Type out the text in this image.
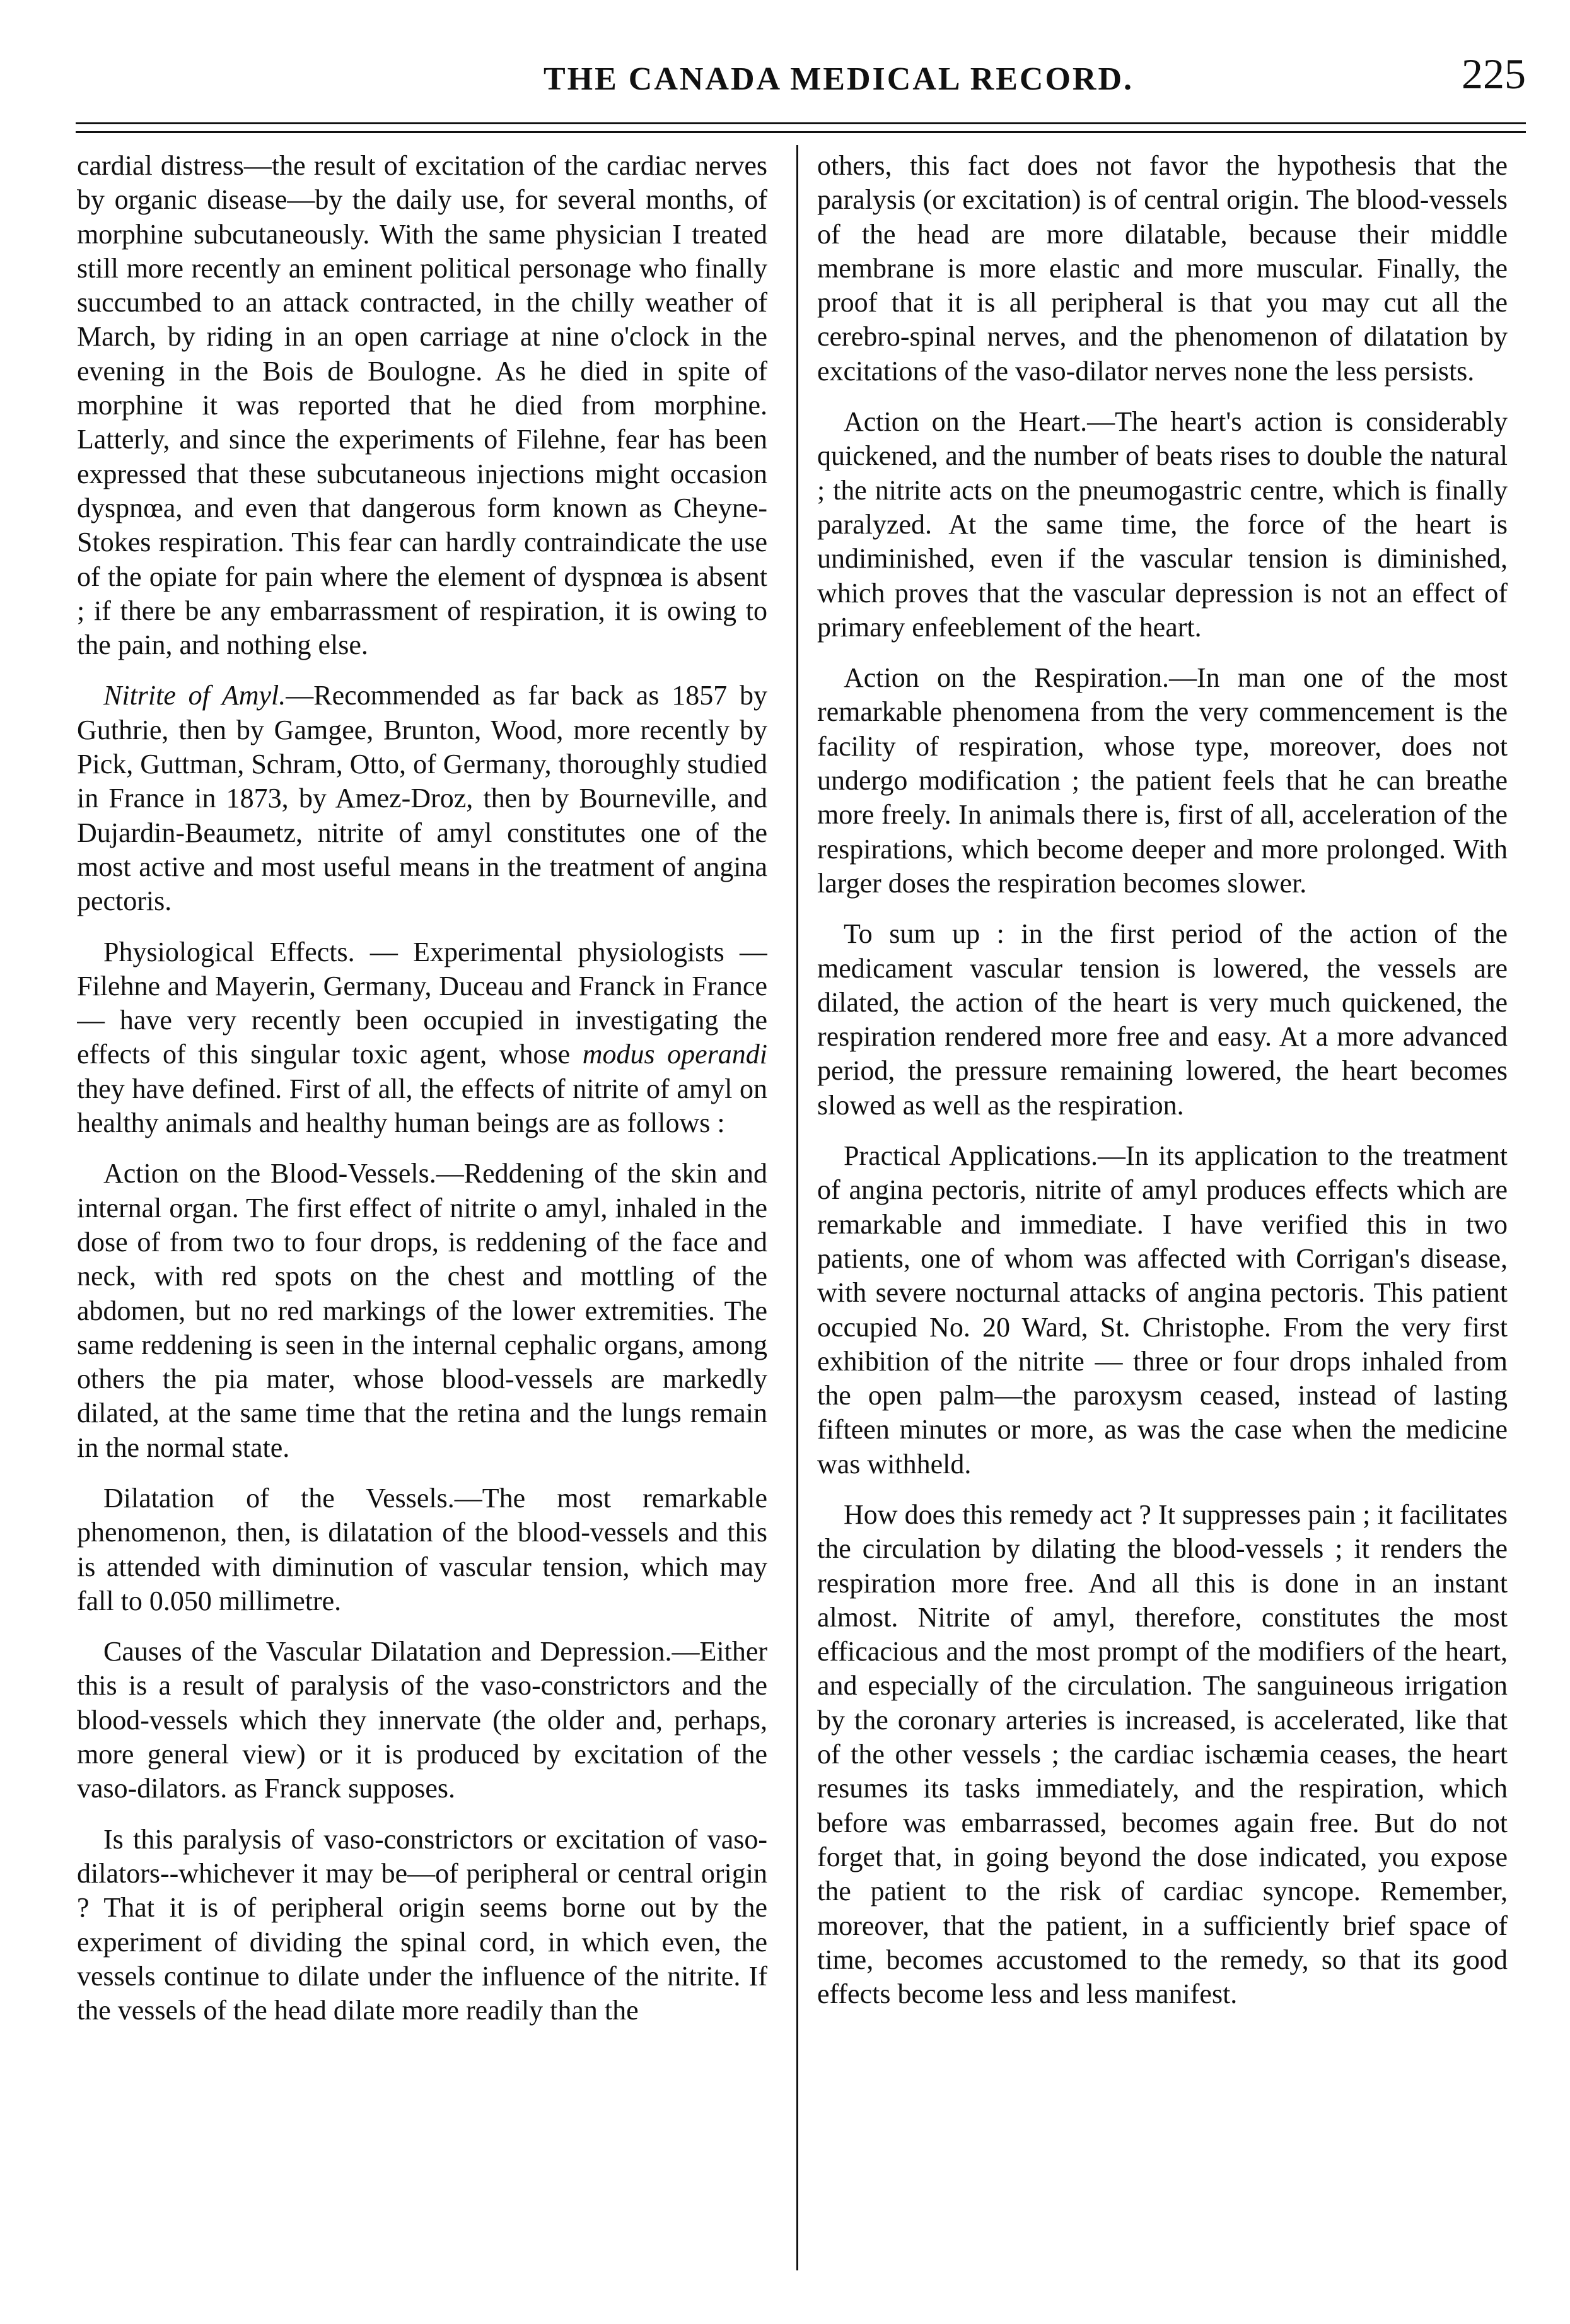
THE CANADA MEDICAL RECORD.	225

cardial distress—the result of excitation of the cardiac nerves by organic disease—by the daily use, for several months, of morphine subcutaneously. With the same physician I treated still more recently an eminent political personage who finally succumbed to an attack contracted, in the chilly weather of March, by riding in an open carriage at nine o'clock in the evening in the Bois de Boulogne. As he died in spite of morphine it was reported that he died from morphine. Latterly, and since the experiments of Filehne, fear has been expressed that these subcutaneous injections might occasion dyspnœa, and even that dangerous form known as Cheyne-Stokes respiration. This fear can hardly contraindicate the use of the opiate for pain where the element of dyspnœa is absent ; if there be any embarrassment of respiration, it is owing to the pain, and nothing else.

Nitrite of Amyl.—Recommended as far back as 1857 by Guthrie, then by Gamgee, Brunton, Wood, more recently by Pick, Guttman, Schram, Otto, of Germany, thoroughly studied in France in 1873, by Amez-Droz, then by Bourneville, and Dujardin-Beaumetz, nitrite of amyl constitutes one of the most active and most useful means in the treatment of angina pectoris.

Physiological Effects. — Experimental physiologists — Filehne and Mayerin, Germany, Duceau and Franck in France— have very recently been occupied in investigating the effects of this singular toxic agent, whose modus operandi they have defined. First of all, the effects of nitrite of amyl on healthy animals and healthy human beings are as follows :

Action on the Blood-Vessels.—Reddening of the skin and internal organ. The first effect of nitrite o amyl, inhaled in the dose of from two to four drops, is reddening of the face and neck, with red spots on the chest and mottling of the abdomen, but no red markings of the lower extremities. The same reddening is seen in the internal cephalic organs, among others the pia mater, whose blood-vessels are markedly dilated, at the same time that the retina and the lungs remain in the normal state.

Dilatation of the Vessels.—The most remarkable phenomenon, then, is dilatation of the blood-vessels and this is attended with diminution of vascular tension, which may fall to 0.050 millimetre.

Causes of the Vascular Dilatation and Depression.—Either this is a result of paralysis of the vaso-constrictors and the blood-vessels which they innervate (the older and, perhaps, more general view) or it is produced by excitation of the vaso-dilators. as Franck supposes.

Is this paralysis of vaso-constrictors or excitation of vaso-dilators--whichever it may be—of peripheral or central origin ? That it is of peripheral origin seems borne out by the experiment of dividing the spinal cord, in which even, the vessels continue to dilate under the influence of the nitrite. If the vessels of the head dilate more readily than the

others, this fact does not favor the hypothesis that the paralysis (or excitation) is of central origin. The blood-vessels of the head are more dilatable, because their middle membrane is more elastic and more muscular. Finally, the proof that it is all peripheral is that you may cut all the cerebro-spinal nerves, and the phenomenon of dilatation by excitations of the vaso-dilator nerves none the less persists.

Action on the Heart.—The heart's action is considerably quickened, and the number of beats rises to double the natural ; the nitrite acts on the pneumogastric centre, which is finally paralyzed. At the same time, the force of the heart is undiminished, even if the vascular tension is diminished, which proves that the vascular depression is not an effect of primary enfeeblement of the heart.

Action on the Respiration.—In man one of the most remarkable phenomena from the very commencement is the facility of respiration, whose type, moreover, does not undergo modification ; the patient feels that he can breathe more freely. In animals there is, first of all, acceleration of the respirations, which become deeper and more prolonged. With larger doses the respiration becomes slower.

To sum up : in the first period of the action of the medicament vascular tension is lowered, the vessels are dilated, the action of the heart is very much quickened, the respiration rendered more free and easy. At a more advanced period, the pressure remaining lowered, the heart becomes slowed as well as the respiration.

Practical Applications.—In its application to the treatment of angina pectoris, nitrite of amyl produces effects which are remarkable and immediate. I have verified this in two patients, one of whom was affected with Corrigan's disease, with severe nocturnal attacks of angina pectoris. This patient occupied No. 20 Ward, St. Christophe. From the very first exhibition of the nitrite — three or four drops inhaled from the open palm—the paroxysm ceased, instead of lasting fifteen minutes or more, as was the case when the medicine was withheld.

How does this remedy act ? It suppresses pain ; it facilitates the circulation by dilating the blood-vessels ; it renders the respiration more free. And all this is done in an instant almost. Nitrite of amyl, therefore, constitutes the most efficacious and the most prompt of the modifiers of the heart, and especially of the circulation. The sanguineous irrigation by the coronary arteries is increased, is accelerated, like that of the other vessels ; the cardiac ischæmia ceases, the heart resumes its tasks immediately, and the respiration, which before was embarrassed, becomes again free. But do not forget that, in going beyond the dose indicated, you expose the patient to the risk of cardiac syncope. Remember, moreover, that the patient, in a sufficiently brief space of time, becomes accustomed to the remedy, so that its good effects become less and less manifest.
